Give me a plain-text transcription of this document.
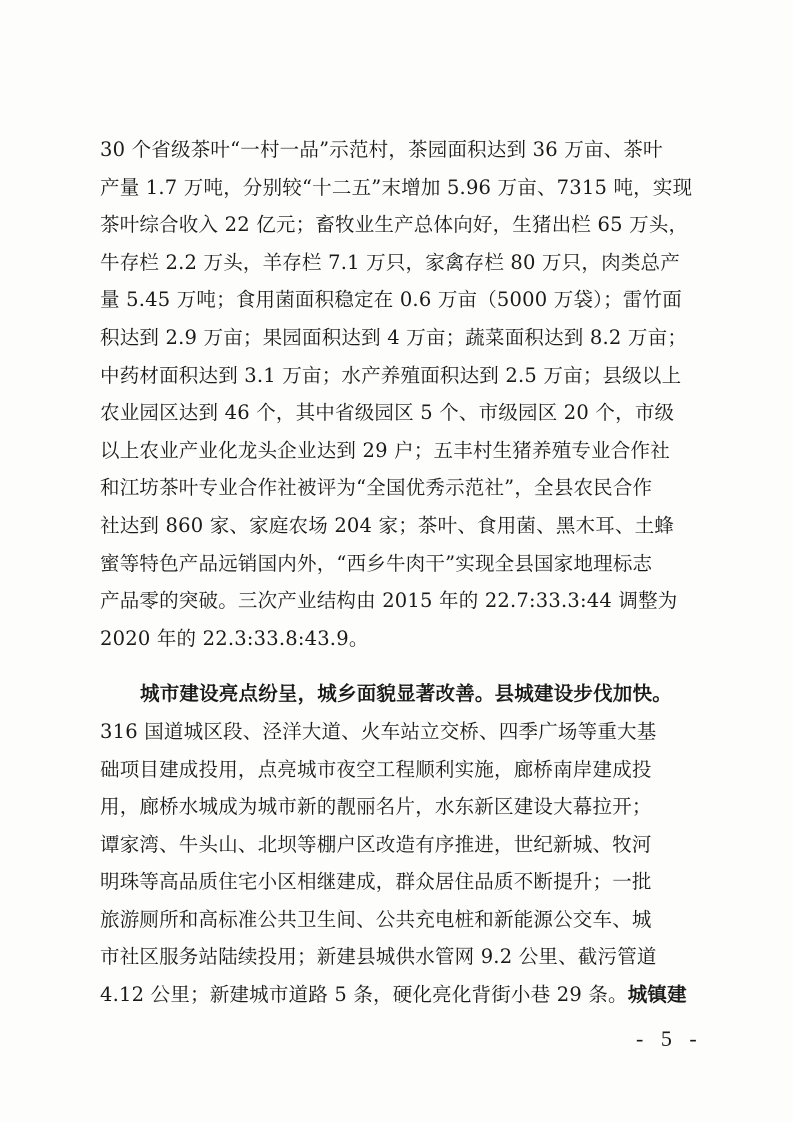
30 个省级茶叶“一村一品”示范村，茶园面积达到 36 万亩、茶叶
产量 1.7 万吨，分别较“十二五”末增加 5.96 万亩、7315 吨，实现
茶叶综合收入 22 亿元；畜牧业生产总体向好，生猪出栏 65 万头，
牛存栏 2.2 万头，羊存栏 7.1 万只，家禽存栏 80 万只，肉类总产
量 5.45 万吨；食用菌面积稳定在 0.6 万亩（5000 万袋）；雷竹面
积达到 2.9 万亩；果园面积达到 4 万亩；蔬菜面积达到 8.2 万亩；
中药材面积达到 3.1 万亩；水产养殖面积达到 2.5 万亩；县级以上
农业园区达到 46 个，其中省级园区 5 个、市级园区 20 个，市级
以上农业产业化龙头企业达到 29 户；五丰村生猪养殖专业合作社
和江坊茶叶专业合作社被评为“全国优秀示范社”，全县农民合作
社达到 860 家、家庭农场 204 家；茶叶、食用菌、黑木耳、土蜂
蜜等特色产品远销国内外，“西乡牛肉干”实现全县国家地理标志
产品零的突破。三次产业结构由 2015 年的 22.7:33.3:44 调整为
2020 年的 22.3:33.8:43.9。
城市建设亮点纷呈，城乡面貌显著改善。县城建设步伐加快。
316 国道城区段、泾洋大道、火车站立交桥、四季广场等重大基
础项目建成投用，点亮城市夜空工程顺利实施，廊桥南岸建成投
用，廊桥水城成为城市新的靓丽名片，水东新区建设大幕拉开；
谭家湾、牛头山、北坝等棚户区改造有序推进，世纪新城、牧河
明珠等高品质住宅小区相继建成，群众居住品质不断提升；一批
旅游厕所和高标准公共卫生间、公共充电桩和新能源公交车、城
市社区服务站陆续投用；新建县城供水管网 9.2 公里、截污管道
4.12 公里；新建城市道路 5 条，硬化亮化背街小巷 29 条。城镇建
- 5 -
